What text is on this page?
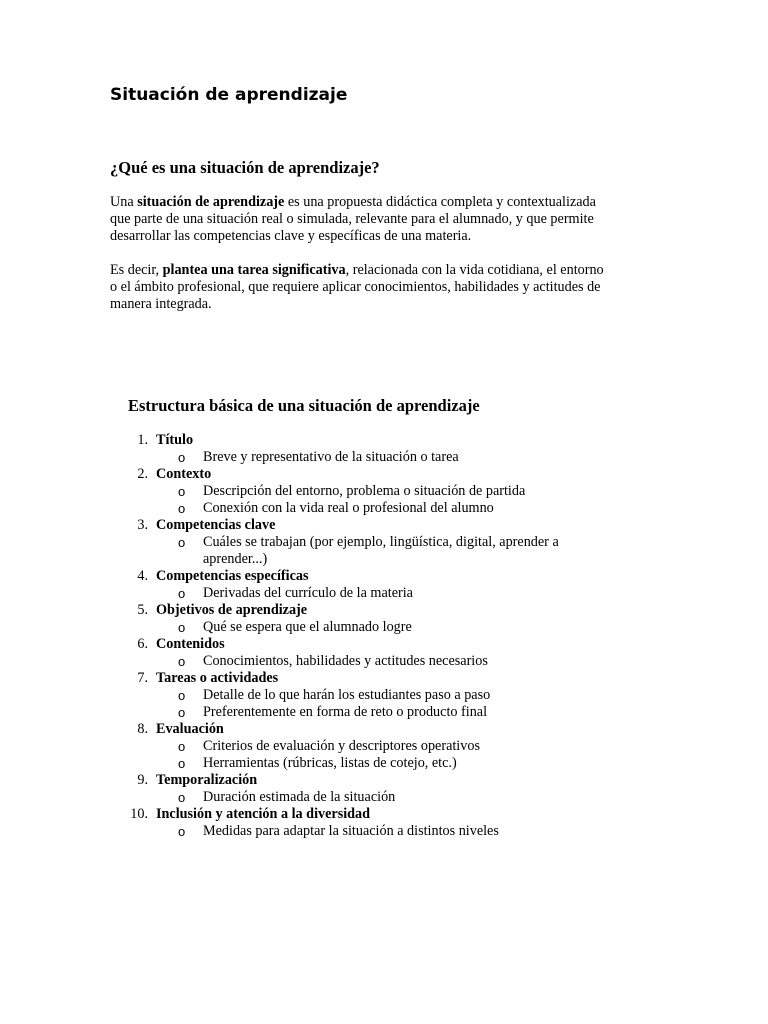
Situación de aprendizaje
¿Qué es una situación de aprendizaje?

Una situación de aprendizaje es una propuesta didáctica completa y contextualizada
que parte de una situación real o simulada, relevante para el alumnado, y que permite
desarrollar las competencias clave y específicas de una materia.

Es decir, plantea una tarea significativa, relacionada con la vida cotidiana, el entorno
o el ámbito profesional, que requiere aplicar conocimientos, habilidades y actitudes de
manera integrada.

Estructura básica de una situación de aprendizaje
1. Título
o Breve y representativo de la situación o tarea
2. Contexto
o Descripción del entorno, problema o situación de partida
o Conexión con la vida real o profesional del alumno
3. Competencias clave
o Cuáles se trabajan (por ejemplo, lingüística, digital, aprender a
aprender...)
4. Competencias específicas
o Derivadas del currículo de la materia
5. Objetivos de aprendizaje
o Qué se espera que el alumnado logre
6. Contenidos
o Conocimientos, habilidades y actitudes necesarios
7. Tareas o actividades
o Detalle de lo que harán los estudiantes paso a paso
o Preferentemente en forma de reto o producto final
8. Evaluación
o Criterios de evaluación y descriptores operativos
o Herramientas (rúbricas, listas de cotejo, etc.)
9. Temporalización
o Duración estimada de la situación
10. Inclusión y atención a la diversidad
o Medidas para adaptar la situación a distintos niveles
